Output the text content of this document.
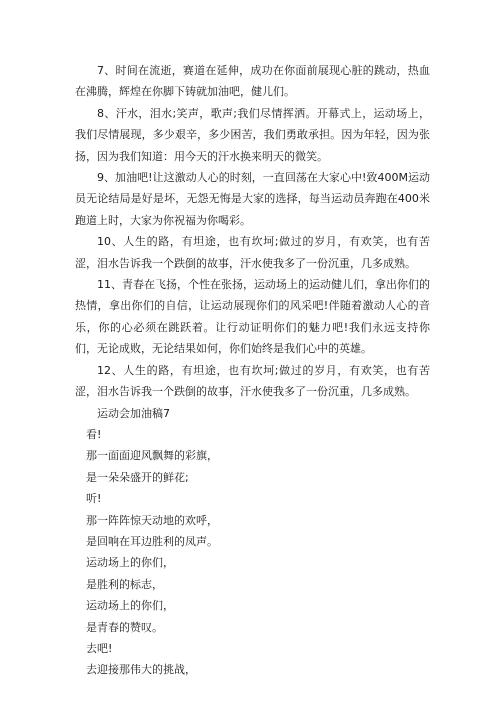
7、时间在流逝，赛道在延伸，成功在你面前展现心脏的跳动，热血在沸腾，辉煌在你脚下铸就加油吧，健儿们。

8、汗水，泪水;笑声，歌声;我们尽情挥洒。开幕式上，运动场上，我们尽情展现，多少艰辛，多少困苦，我们勇敢承担。因为年轻，因为张扬，因为我们知道：用今天的汗水换来明天的微笑。

9、加油吧!让这激动人心的时刻，一直回荡在大家心中!致400M运动员无论结局是好是坏，无怨无悔是大家的选择，每当运动员奔跑在400米跑道上时，大家为你祝福为你喝彩。

10、人生的路，有坦途，也有坎坷;做过的岁月，有欢笑，也有苦涩，泪水告诉我一个跌倒的故事，汗水使我多了一份沉重，几多成熟。

11、青春在飞扬，个性在张扬，运动场上的运动健儿们，拿出你们的热情，拿出你们的自信，让运动展现你们的风采吧!伴随着激动人心的音乐，你的心必须在跳跃着。让行动证明你们的魅力吧!我们永远支持你们，无论成败，无论结果如何，你们始终是我们心中的英雄。

12、人生的路，有坦途，也有坎坷;做过的岁月，有欢笑，也有苦涩，泪水告诉我一个跌倒的故事，汗水使我多了一份沉重，几多成熟。

运动会加油稿7

看!

那一面面迎风飘舞的彩旗，

是一朵朵盛开的鲜花;

听!

那一阵阵惊天动地的欢呼，

是回响在耳边胜利的凤声。

运动场上的你们，

是胜利的标志，

运动场上的你们，

是青春的赞叹。

去吧!

去迎接那伟大的挑战，
